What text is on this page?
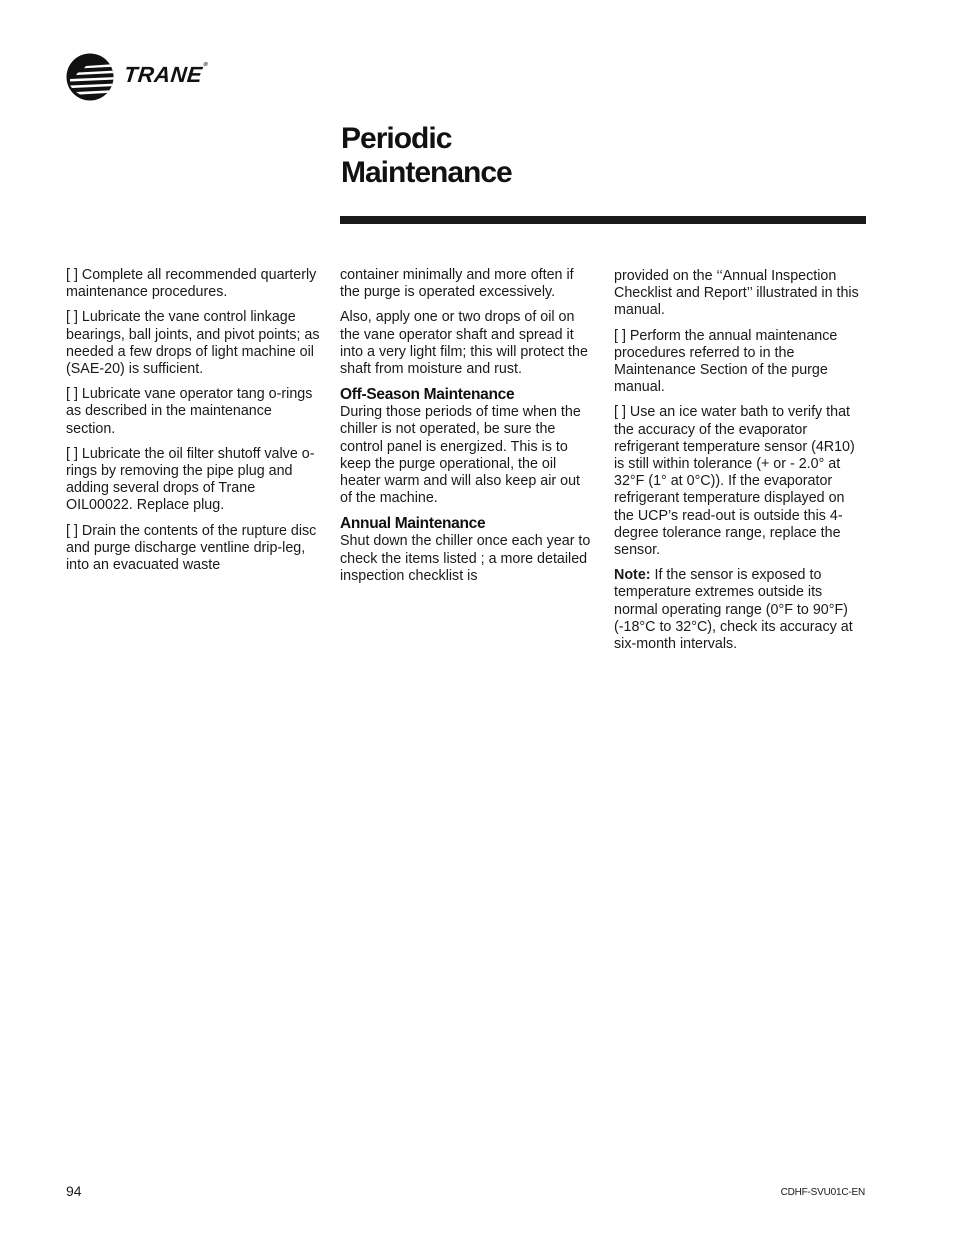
TRANE®
Periodic
Maintenance

[ ] Complete all recommended quarterly maintenance procedures.

[ ] Lubricate the vane control linkage bearings, ball joints, and pivot points; as needed a few drops of light machine oil (SAE-20) is sufficient.

[ ] Lubricate vane operator tang o-rings as described in the maintenance section.

[ ] Lubricate the oil filter shutoff valve o-rings by removing the pipe plug and adding several drops of Trane OIL00022. Replace plug.

[ ] Drain the contents of the rupture disc and purge discharge ventline drip-leg, into an evacuated waste

container minimally and more often if the purge is operated excessively.

Also, apply one or two drops of oil on the vane operator shaft and spread it into a very light film; this will protect the shaft from moisture and rust.

Off-Season Maintenance

During those periods of time when the chiller is not operated, be sure the control panel is energized. This is to keep the purge operational, the oil heater warm and will also keep air out of the machine.

Annual Maintenance

Shut down the chiller once each year to check the items listed ; a more detailed inspection checklist is

provided on the ‘‘Annual Inspection Checklist and Report’’ illustrated in this manual.

[ ] Perform the annual maintenance procedures referred to in the Maintenance Section of the purge manual.

[ ] Use an ice water bath to verify that the accuracy of the evaporator refrigerant temperature sensor (4R10) is still within tolerance (+ or - 2.0° at 32°F (1° at 0°C)). If the evaporator refrigerant temperature displayed on the UCP’s read-out is outside this 4-degree tolerance range, replace the sensor.

Note: If the sensor is exposed to temperature extremes outside its normal operating range (0°F to 90°F) (-18°C to 32°C), check its accuracy at six-month intervals.

94	CDHF-SVU01C-EN
